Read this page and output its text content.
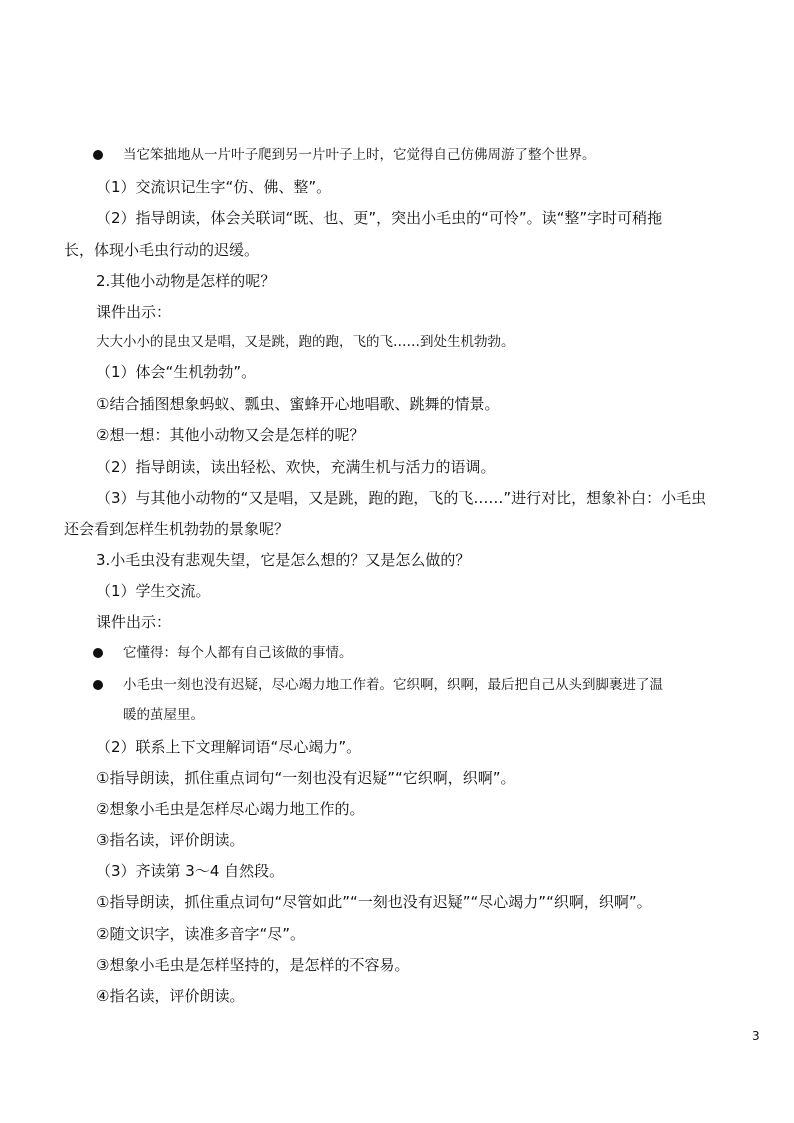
当它笨拙地从一片叶子爬到另一片叶子上时，它觉得自己仿佛周游了整个世界。
（1）交流识记生字“仿、佛、整”。
（2）指导朗读，体会关联词“既、也、更”，突出小毛虫的“可怜”。读“整”字时可稍拖
长，体现小毛虫行动的迟缓。
2.其他小动物是怎样的呢？
课件出示：
大大小小的昆虫又是唱，又是跳，跑的跑，飞的飞……到处生机勃勃。
（1）体会“生机勃勃”。
①结合插图想象蚂蚁、瓢虫、蜜蜂开心地唱歌、跳舞的情景。
②想一想：其他小动物又会是怎样的呢？
（2）指导朗读，读出轻松、欢快，充满生机与活力的语调。
（3）与其他小动物的“又是唱，又是跳，跑的跑，飞的飞……”进行对比，想象补白：小毛虫
还会看到怎样生机勃勃的景象呢？
3.小毛虫没有悲观失望，它是怎么想的？又是怎么做的？
（1）学生交流。
课件出示：
它懂得：每个人都有自己该做的事情。
小毛虫一刻也没有迟疑，尽心竭力地工作着。它织啊，织啊，最后把自己从头到脚裹进了温
暖的茧屋里。
（2）联系上下文理解词语“尽心竭力”。
①指导朗读，抓住重点词句“一刻也没有迟疑”“它织啊，织啊”。
②想象小毛虫是怎样尽心竭力地工作的。
③指名读，评价朗读。
（3）齐读第 3～4 自然段。
①指导朗读，抓住重点词句“尽管如此”“一刻也没有迟疑”“尽心竭力”“织啊，织啊”。
②随文识字，读准多音字“尽”。
③想象小毛虫是怎样坚持的，是怎样的不容易。
④指名读，评价朗读。
3
